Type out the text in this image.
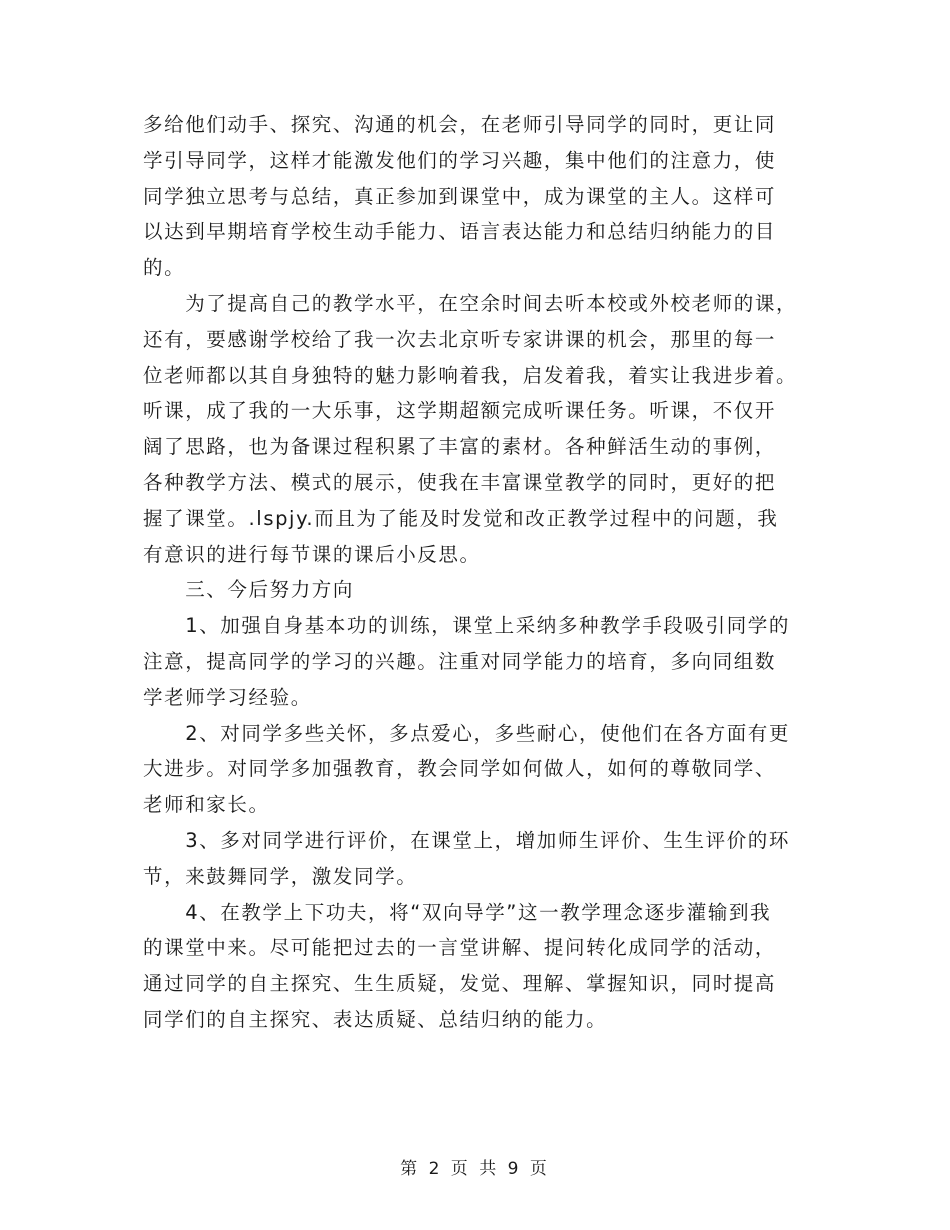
多给他们动手、探究、沟通的机会，在老师引导同学的同时，更让同
学引导同学，这样才能激发他们的学习兴趣，集中他们的注意力，使
同学独立思考与总结，真正参加到课堂中，成为课堂的主人。这样可
以达到早期培育学校生动手能力、语言表达能力和总结归纳能力的目
的。
　　为了提高自己的教学水平，在空余时间去听本校或外校老师的课，
还有，要感谢学校给了我一次去北京听专家讲课的机会，那里的每一
位老师都以其自身独特的魅力影响着我，启发着我，着实让我进步着。
听课，成了我的一大乐事，这学期超额完成听课任务。听课，不仅开
阔了思路，也为备课过程积累了丰富的素材。各种鲜活生动的事例，
各种教学方法、模式的展示，使我在丰富课堂教学的同时，更好的把
握了课堂。.lspjy.而且为了能及时发觉和改正教学过程中的问题，我
有意识的进行每节课的课后小反思。
　　三、今后努力方向
　　1、加强自身基本功的训练，课堂上采纳多种教学手段吸引同学的
注意，提高同学的学习的兴趣。注重对同学能力的培育，多向同组数
学老师学习经验。
　　2、对同学多些关怀，多点爱心，多些耐心，使他们在各方面有更
大进步。对同学多加强教育，教会同学如何做人，如何的尊敬同学、
老师和家长。
　　3、多对同学进行评价，在课堂上，增加师生评价、生生评价的环
节，来鼓舞同学，激发同学。
　　4、在教学上下功夫，将“双向导学”这一教学理念逐步灌输到我
的课堂中来。尽可能把过去的一言堂讲解、提问转化成同学的活动，
通过同学的自主探究、生生质疑，发觉、理解、掌握知识，同时提高
同学们的自主探究、表达质疑、总结归纳的能力。
第 2 页 共 9 页
